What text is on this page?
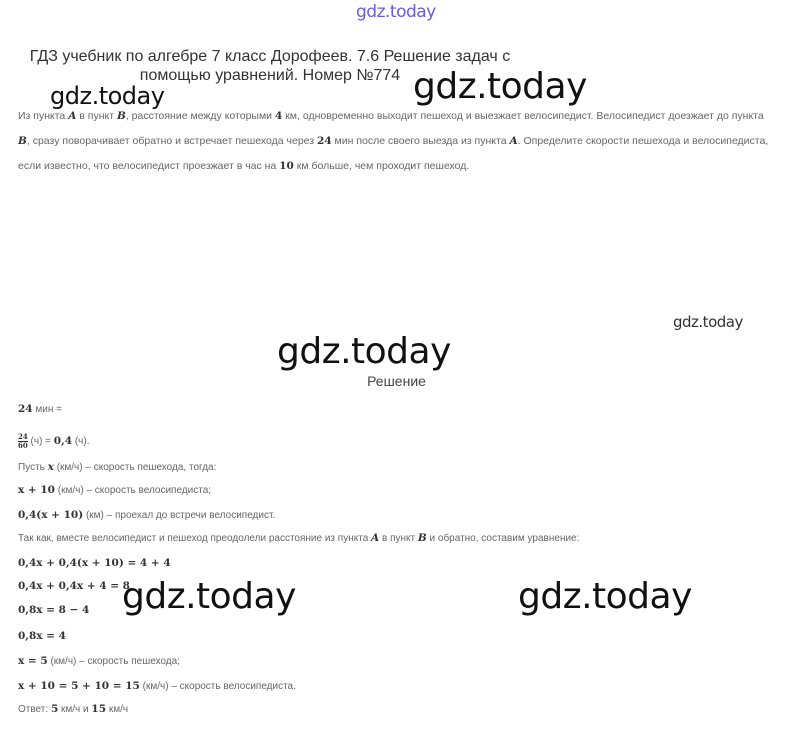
gdz.today
ГДЗ учебник по алгебре 7 класс Дорофеев. 7.6 Решение задач с помощью уравнений. Номер №774
gdz.today	gdz.today
Из пункта A в пункт B, расстояние между которыми 4 км, одновременно выходит пешеход и выезжает велосипедист. Велосипедист доезжает до пункта B, сразу поворачивает обратно и встречает пешехода через 24 мин после своего выезда из пункта A. Определите скорости пешехода и велосипедиста, если известно, что велосипедист проезжает в час на 10 км больше, чем проходит пешеход.
gdz.today
gdz.today
Решение
24 мин =
$\frac{24}{60} (ч) = 0,4$ (ч).
Пусть x (км/ч) – скорость пешехода, тогда:
x + 10 (км/ч) – скорость велосипедиста;
0,4(x + 10) (км) – проехал до встречи велосипедист.
Так как, вместе велосипедист и пешеход преодолели расстояние из пункта A в пункт B и обратно, составим уравнение:
0,4x + 0,4(x + 10) = 4 + 4
0,4x + 0,4x + 4 = 8
0,8x = 8 − 4
0,8x = 4
x = 5 (км/ч) – скорость пешехода;
x + 10 = 5 + 10 = 15 (км/ч) – скорость велосипедиста.
Ответ: 5 км/ч и 15 км/ч
gdz.today	gdz.today
